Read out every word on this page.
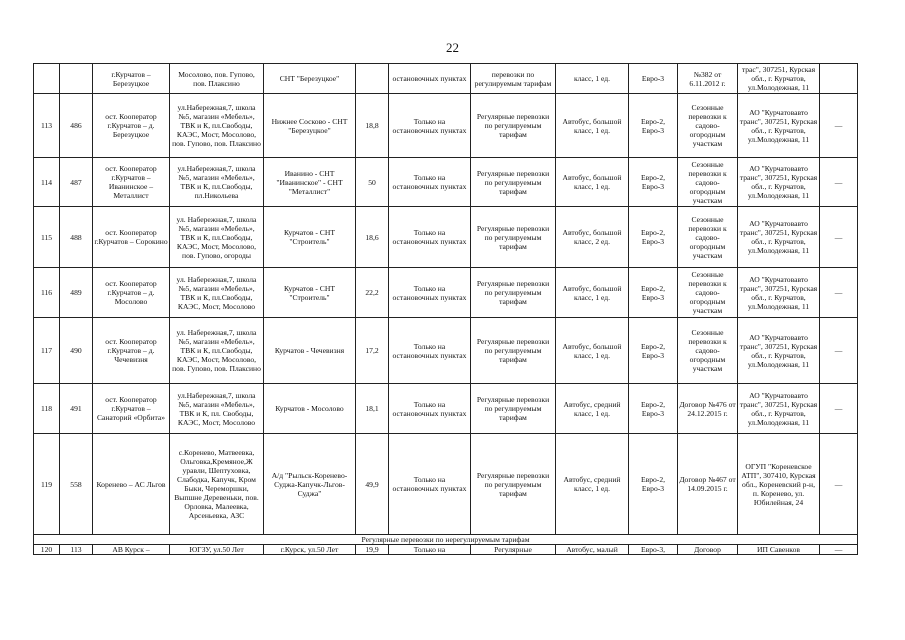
22
		г.Курчатов – Березуцкое	Мосолово, пов. Гупово, пов. Плаксино	СНТ "Березуцкое"		остановочных пунктах	перевозки по регулируемым тарифам	класс, 1 ед.	Евро-3	№382 от 6.11.2012 г.	трас", 307251, Курская обл., г. Курчатов, ул.Молодежная, 11	
113	486	ост. Кооператор г.Курчатов – д. Березуцкое	ул.Набережная,7, школа №5, магазин «Мебель», ТВК и К, пл.Свободы, КАЭС, Мост, Мосолово, пов. Гупово, пов. Плаксино	Нижнее Сосково - СНТ "Березуцкое"	18,8	Только на остановочных пунктах	Регулярные перевозки по регулируемым тарифам	Автобус, большой класс, 1 ед.	Евро-2, Евро-3	Сезонные перевозки к садово-огородным участкам	АО "Курчатовавто транс", 307251, Курская обл., г. Курчатов, ул.Молодежная, 11	—
114	487	ост. Кооператор г.Курчатов – Иванинское – Металлист	ул.Набережная,7, школа №5, магазин «Мебель», ТВК и К, пл.Свободы, пл.Никольева	Иванино - СНТ "Иванинское" - СНТ "Металлист"	50	Только на остановочных пунктах	Регулярные перевозки по регулируемым тарифам	Автобус, большой класс, 1 ед.	Евро-2, Евро-3	Сезонные перевозки к садово-огородным участкам	АО "Курчатовавто транс", 307251, Курская обл., г. Курчатов, ул.Молодежная, 11	—
115	488	ост. Кооператор г.Курчатов – Сорокино	ул. Набережная,7, школа №5, магазин «Мебель», ТВК и К, пл.Свободы, КАЭС, Мост, Мосолово, пов. Гупово, огороды	Курчатов - СНТ "Строитель"	18,6	Только на остановочных пунктах	Регулярные перевозки по регулируемым тарифам	Автобус, большой класс, 2 ед.	Евро-2, Евро-3	Сезонные перевозки к садово-огородным участкам	АО "Курчатовавто транс", 307251, Курская обл., г. Курчатов, ул.Молодежная, 11	—
116	489	ост. Кооператор г.Курчатов – д. Мосолово	ул. Набережная,7, школа №5, магазин «Мебель», ТВК и К, пл.Свободы, КАЭС, Мост, Мосолово	Курчатов - СНТ "Строитель"	22,2	Только на остановочных пунктах	Регулярные перевозки по регулируемым тарифам	Автобус, большой класс, 1 ед.	Евро-2, Евро-3	Сезонные перевозки к садово-огородным участкам	АО "Курчатовавто транс", 307251, Курская обл., г. Курчатов, ул.Молодежная, 11	—
117	490	ост. Кооператор г.Курчатов – д. Чечевизня	ул. Набережная,7, школа №5, магазин «Мебель», ТВК и К, пл.Свободы, КАЭС, Мост, Мосолово, пов. Гупово, пов. Плаксино	Курчатов - Чечевизня	17,2	Только на остановочных пунктах	Регулярные перевозки по регулируемым тарифам	Автобус, большой класс, 1 ед.	Евро-2, Евро-3	Сезонные перевозки к садово-огородным участкам	АО "Курчатовавто транс", 307251, Курская обл., г. Курчатов, ул.Молодежная, 11	—
118	491	ост. Кооператор г.Курчатов – Санаторий «Орбита»	ул.Набережная,7, школа №5, магазин «Мебель», ТВК и К, пл. Свободы, КАЭС, Мост, Мосолово	Курчатов - Мосолово	18,1	Только на остановочных пунктах	Регулярные перевозки по регулируемым тарифам	Автобус, средний класс, 1 ед.	Евро-2, Евро-3	Договор №476 от 24.12.2015 г.	АО "Курчатовавто транс", 307251, Курская обл., г. Курчатов, ул.Молодежная, 11	—
119	558	Коренево – АС Льгов	с.Коренево, Матвеевка, Ольговка,Кремяное,Ж уравли, Шептуховка, Слабодка, Капучк, Кром Быки, Череморшки, Выпшне Деревеньки, пов. Орловка, Малеевка, Арсеньевка, АЗС	А/д "Рыльск-Коренево-Суджа-Капучк-Льгов-Суджа"	49,9	Только на остановочных пунктах	Регулярные перевозки по регулируемым тарифам	Автобус, средний класс, 1 ед.	Евро-2, Евро-3	Договор №467 от 14.09.2015 г.	ОГУП "Кореневское АТП", 307410, Курская обл., Кореневский р-н, п. Коренево, ул. Юбилейная, 24	—
Регулярные перевозки по нерегулируемым тарифам												
120	113	АВ Курск –	ЮГЗУ, ул.50 Лет	г.Курск, ул.50 Лет	19,9	Только на	Регулярные	Автобус, малый	Евро-3,	Договор	ИП Савенков	—
